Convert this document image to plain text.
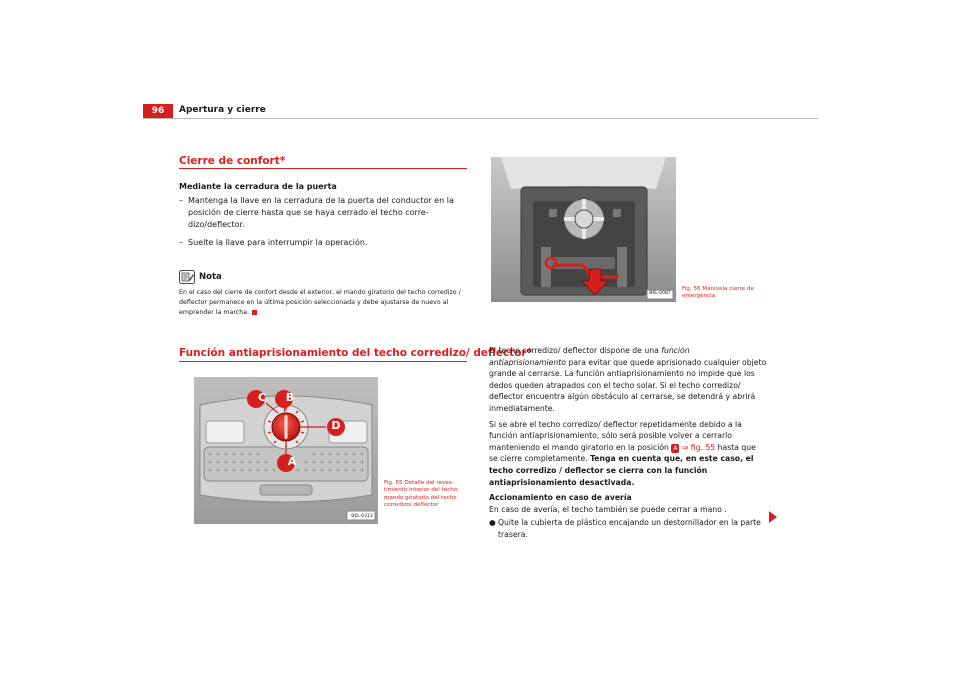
96	Apertura y cierre
Cierre de confort*
Mediante la cerradura de la puerta
– Mantenga la llave en la cerradura de la puerta del conductor en la posición de cierre hasta que se haya cerrado el techo corredizo/deflector.
– Suelte la llave para interrumpir la operación.
Nota
En el caso del cierre de confort desde el exterior, el mando giratorio del techo corredizo / deflector permanece en la última posición seleccionada y debe ajustarse de nuevo al emprender la marcha.
Función antiaprisionamiento del techo corredizo/ deflector*
C	B
A
D
B6L-0313
Fig. 55 Detalle del revestimiento interior del techo: mando giratorio del techo corredizo/ deflector
B6L-0087
Fig. 56 Manivela cierre de emergencia
El techo corredizo/ deflector dispone de una función antiaprisionamiento para evitar que quede aprisionado cualquier objeto grande al cerrarse. La función antiaprisionamiento no impide que los dedos queden atrapados con el techo solar. Si el techo corredizo/ deflector encuentra algún obstáculo al cerrarse, se detendrá y abrirá inmediatamente.
Si se abre el techo corredizo/ deflector repetidamente debido a la función antiaprisionamiento, sólo será posible volver a cerrarlo manteniendo el mando giratorio en la posición A ⇒ fig. 55 hasta que se cierre completamente. Tenga en cuenta que, en este caso, el techo corredizo / deflector se cierra con la función antiaprisionamiento desactivada.
Accionamiento en caso de avería
En caso de avería, el techo también se puede cerrar a mano .
● Quite la cubierta de plástico encajando un destornillador en la parte trasera.
